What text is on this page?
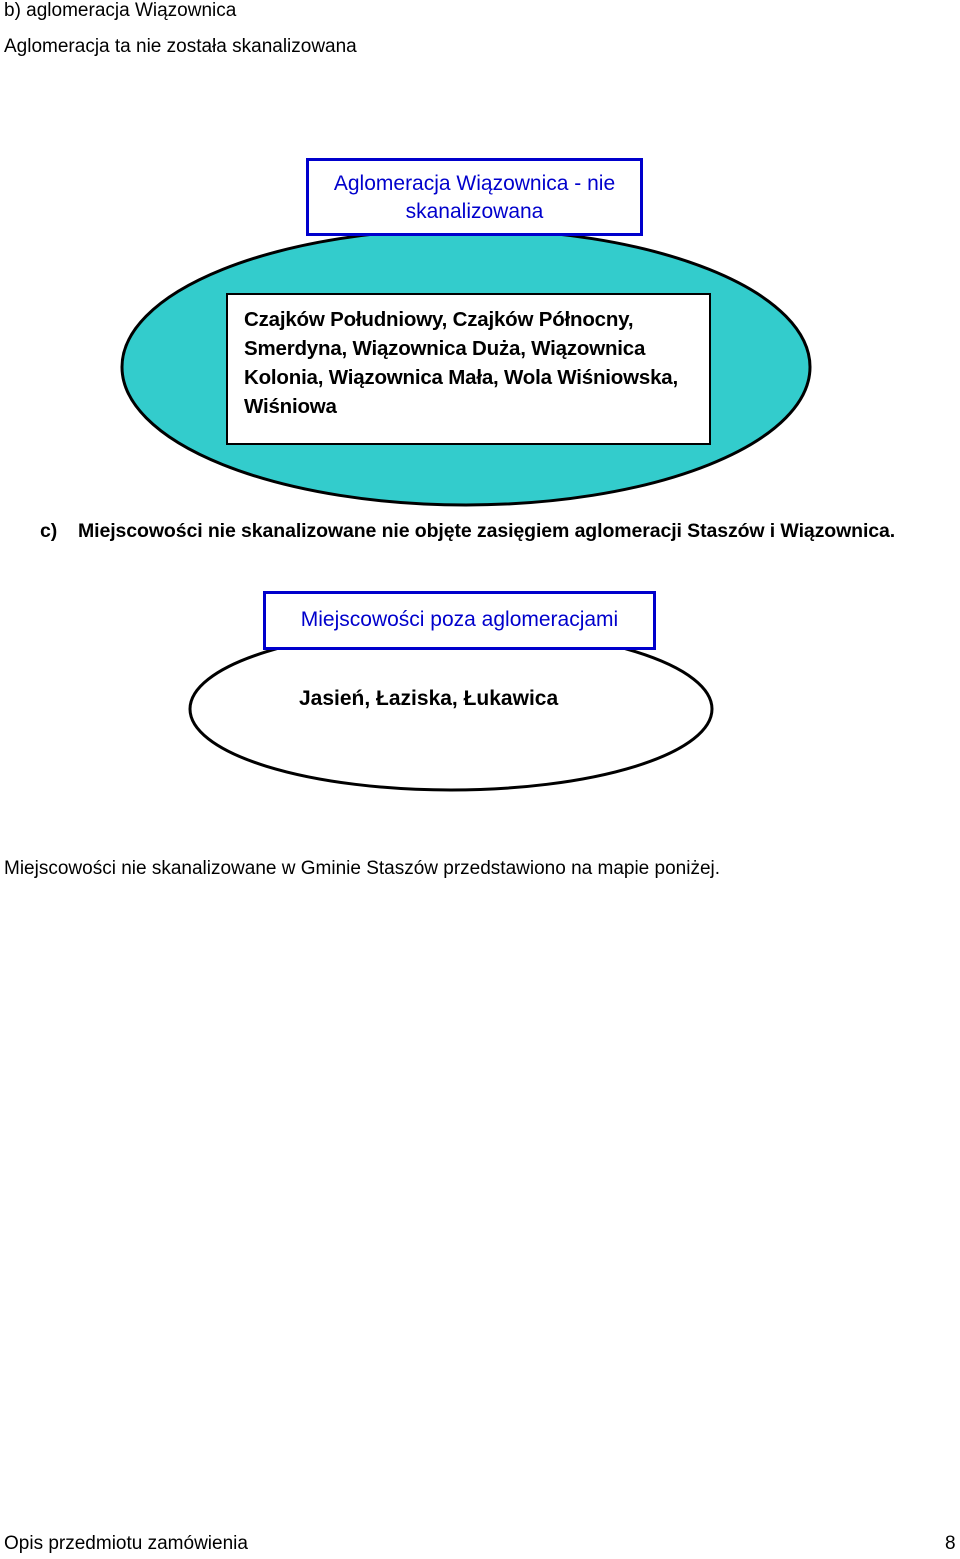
b) aglomeracja Wiązownica
Aglomeracja ta nie została skanalizowana
Aglomeracja Wiązownica - nie
skanalizowana
Czajków Południowy, Czajków Północny,
Smerdyna, Wiązownica Duża, Wiązownica
Kolonia, Wiązownica Mała, Wola Wiśniowska,
Wiśniowa
c) Miejscowości nie skanalizowane nie objęte zasięgiem aglomeracji Staszów i Wiązownica.
Miejscowości poza aglomeracjami
Jasień, Łaziska, Łukawica
Miejscowości nie skanalizowane w Gminie Staszów przedstawiono na mapie poniżej.
Opis przedmiotu zamówienia	8
